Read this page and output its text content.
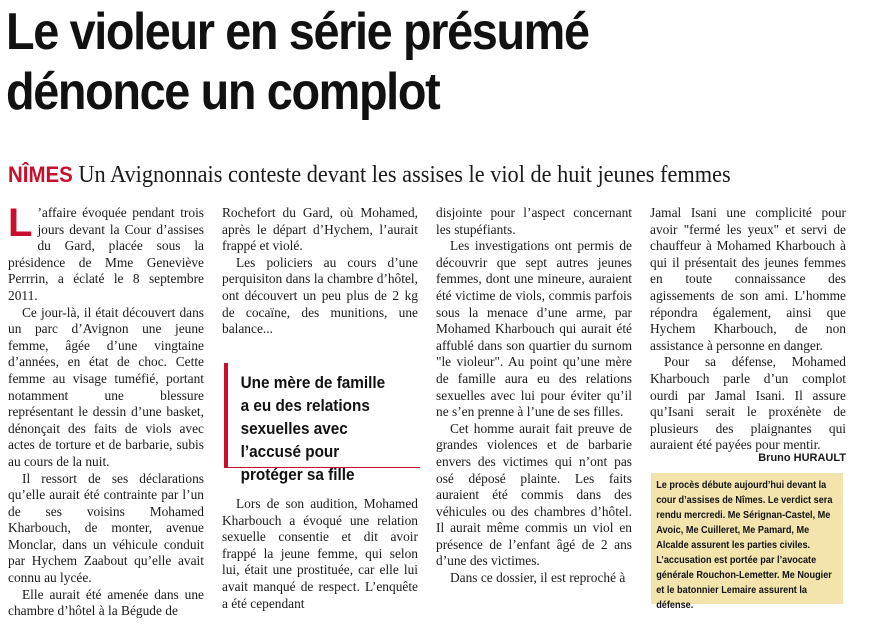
Le violeur en série présumé
dénonce un complot
NÎMES Un Avignonnais conteste devant les assises le viol de huit jeunes femmes

L ’affaire évoquée pendant trois jours devant la Cour d’assises du Gard, placée sous la présidence de Mme Geneviève Perrrin, a éclaté le 8 septembre 2011.

Ce jour-là, il était découvert dans un parc d’Avignon une jeune femme, âgée d’une vingtaine d’années, en état de choc. Cette femme au visage tuméfié, portant notamment une blessure représentant le dessin d’une basket, dénonçait des faits de viols avec actes de torture et de barbarie, subis au cours de la nuit.

Il ressort de ses déclarations qu’elle aurait été contrainte par l’un de ses voisins Mohamed Kharbouch, de monter, avenue Monclar, dans un véhicule conduit par Hychem Zaabout qu’elle avait connu au lycée.

Elle aurait été amenée dans une chambre d’hôtel à la Bégude de

Rochefort du Gard, où Mohamed, après le départ d’Hychem, l’aurait frappé et violé.

Les policiers au cours d’une perquisiton dans la chambre d’hôtel, ont découvert un peu plus de 2 kg de cocaïne, des munitions, une balance...

Une mère de famille a eu des relations sexuelles avec l’accusé pour protéger sa fille

Lors de son audition, Mohamed Kharbouch a évoqué une relation sexuelle consentie et dit avoir frappé la jeune femme, qui selon lui, était une prostituée, car elle lui avait manqué de respect. L’enquête a été cependant

disjointe pour l’aspect concernant les stupéfiants.

Les investigations ont permis de découvrir que sept autres jeunes femmes, dont une mineure, auraient été victime de viols, commis parfois sous la menace d’une arme, par Mohamed Kharbouch qui aurait été affublé dans son quartier du surnom "le violeur". Au point qu’une mère de famille aura eu des relations sexuelles avec lui pour éviter qu’il ne s’en prenne à l’une de ses filles.

Cet homme aurait fait preuve de grandes violences et de barbarie envers des victimes qui n’ont pas osé déposé plainte. Les faits auraient été commis dans des véhicules ou des chambres d’hôtel. Il aurait même commis un viol en présence de l’enfant âgé de 2 ans d’une des victimes.

Dans ce dossier, il est reproché à

Jamal Isani une complicité pour avoir "fermé les yeux" et servi de chauffeur à Mohamed Kharbouch à qui il présentait des jeunes femmes en toute connaissance des agissements de son ami. L’homme répondra également, ainsi que Hychem Kharbouch, de non assistance à personne en danger.

Pour sa défense, Mohamed Kharbouch parle d’un complot ourdi par Jamal Isani. Il assure qu’Isani serait le proxénète de plusieurs des plaignantes qui auraient été payées pour mentir.

Bruno HURAULT

Le procès débute aujourd’hui devant la cour d’assises de Nîmes. Le verdict sera rendu mercredi. Me Sérignan-Castel, Me Avoic, Me Cuilleret, Me Pamard, Me Alcalde assurent les parties civiles. L’accusation est portée par l’avocate générale Rouchon-Lemetter. Me Nougier et le batonnier Lemaire assurent la défense.
